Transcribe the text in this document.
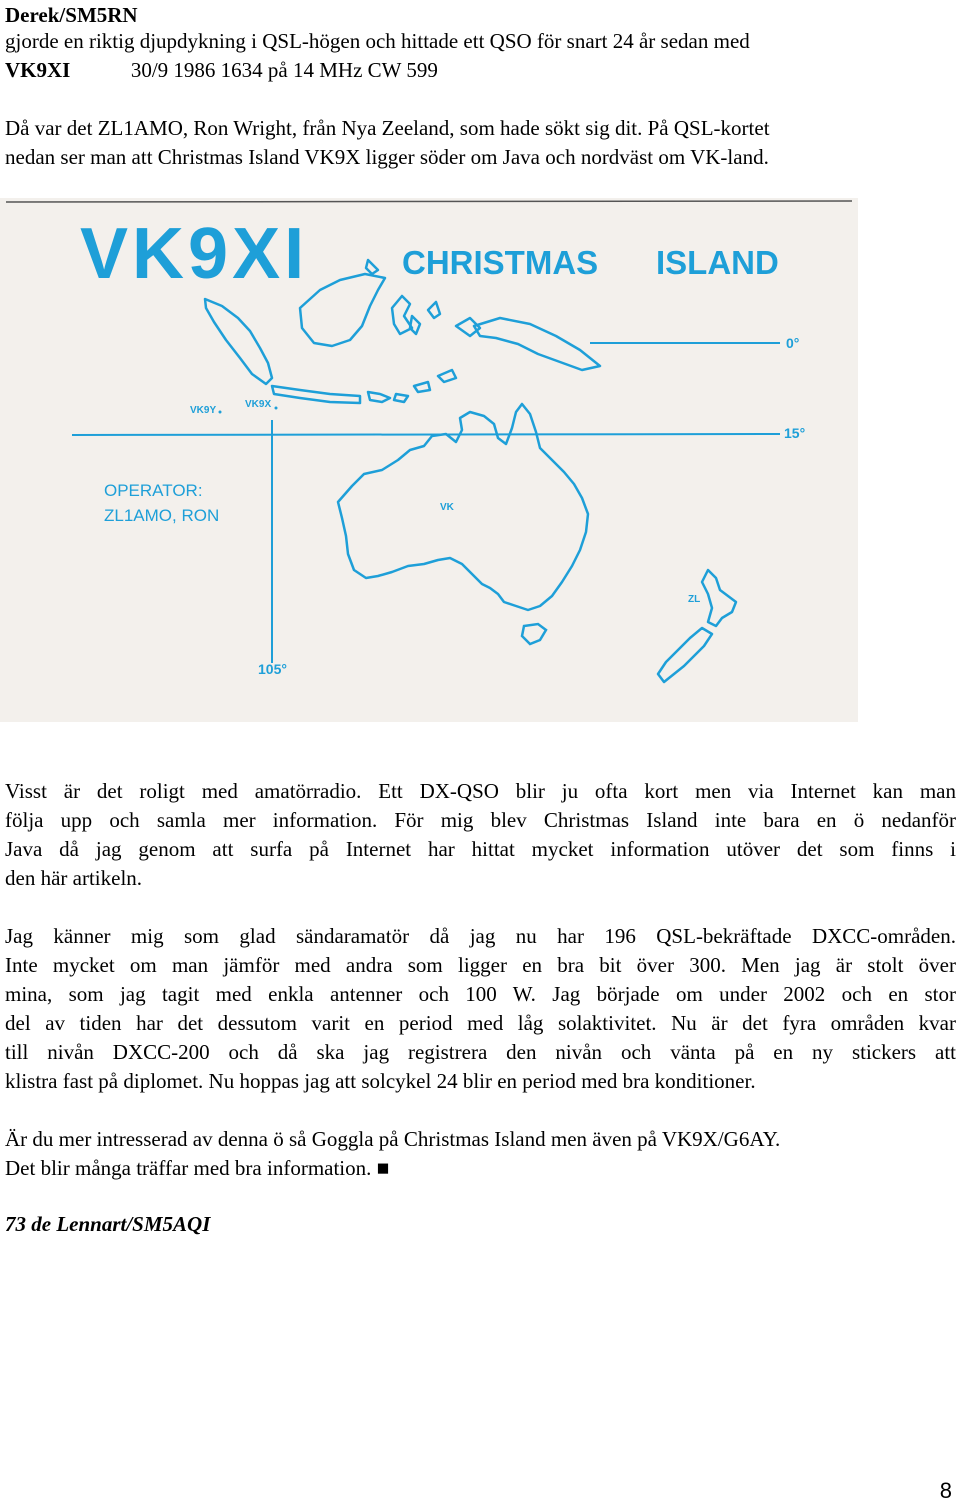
Derek/SM5RN
gjorde en riktig djupdykning i QSL-högen och hittade ett QSO för snart 24 år sedan med
VK9XI	30/9 1986 1634 på 14 MHz CW 599
Då var det ZL1AMO, Ron Wright, från Nya Zeeland, som hade sökt sig dit. På QSL-kortet
nedan ser man att Christmas Island VK9X ligger söder om Java och nordväst om VK-land.
VK9XI	CHRISTMAS ISLAND
0°
15°
105°
VK9Y
VK9X
OPERATOR:
ZL1AMO, RON	VK
ZL
Visst är det roligt med amatörradio. Ett DX-QSO blir ju ofta kort men via Internet kan man
följa upp och samla mer information. För mig blev Christmas Island inte bara en ö nedanför
Java då jag genom att surfa på Internet har hittat mycket information utöver det som finns i
den här artikeln.
Jag känner mig som glad sändaramatör då jag nu har 196 QSL-bekräftade DXCC-områden.
Inte mycket om man jämför med andra som ligger en bra bit över 300. Men jag är stolt över
mina, som jag tagit med enkla antenner och 100 W. Jag började om under 2002 och en stor
del av tiden har det dessutom varit en period med låg solaktivitet. Nu är det fyra områden kvar
till nivån DXCC-200 och då ska jag registrera den nivån och vänta på en ny stickers att
klistra fast på diplomet. Nu hoppas jag att solcykel 24 blir en period med bra konditioner.
Är du mer intresserad av denna ö så Goggla på Christmas Island men även på VK9X/G6AY.
Det blir många träffar med bra information. ■
73 de Lennart/SM5AQI
8
